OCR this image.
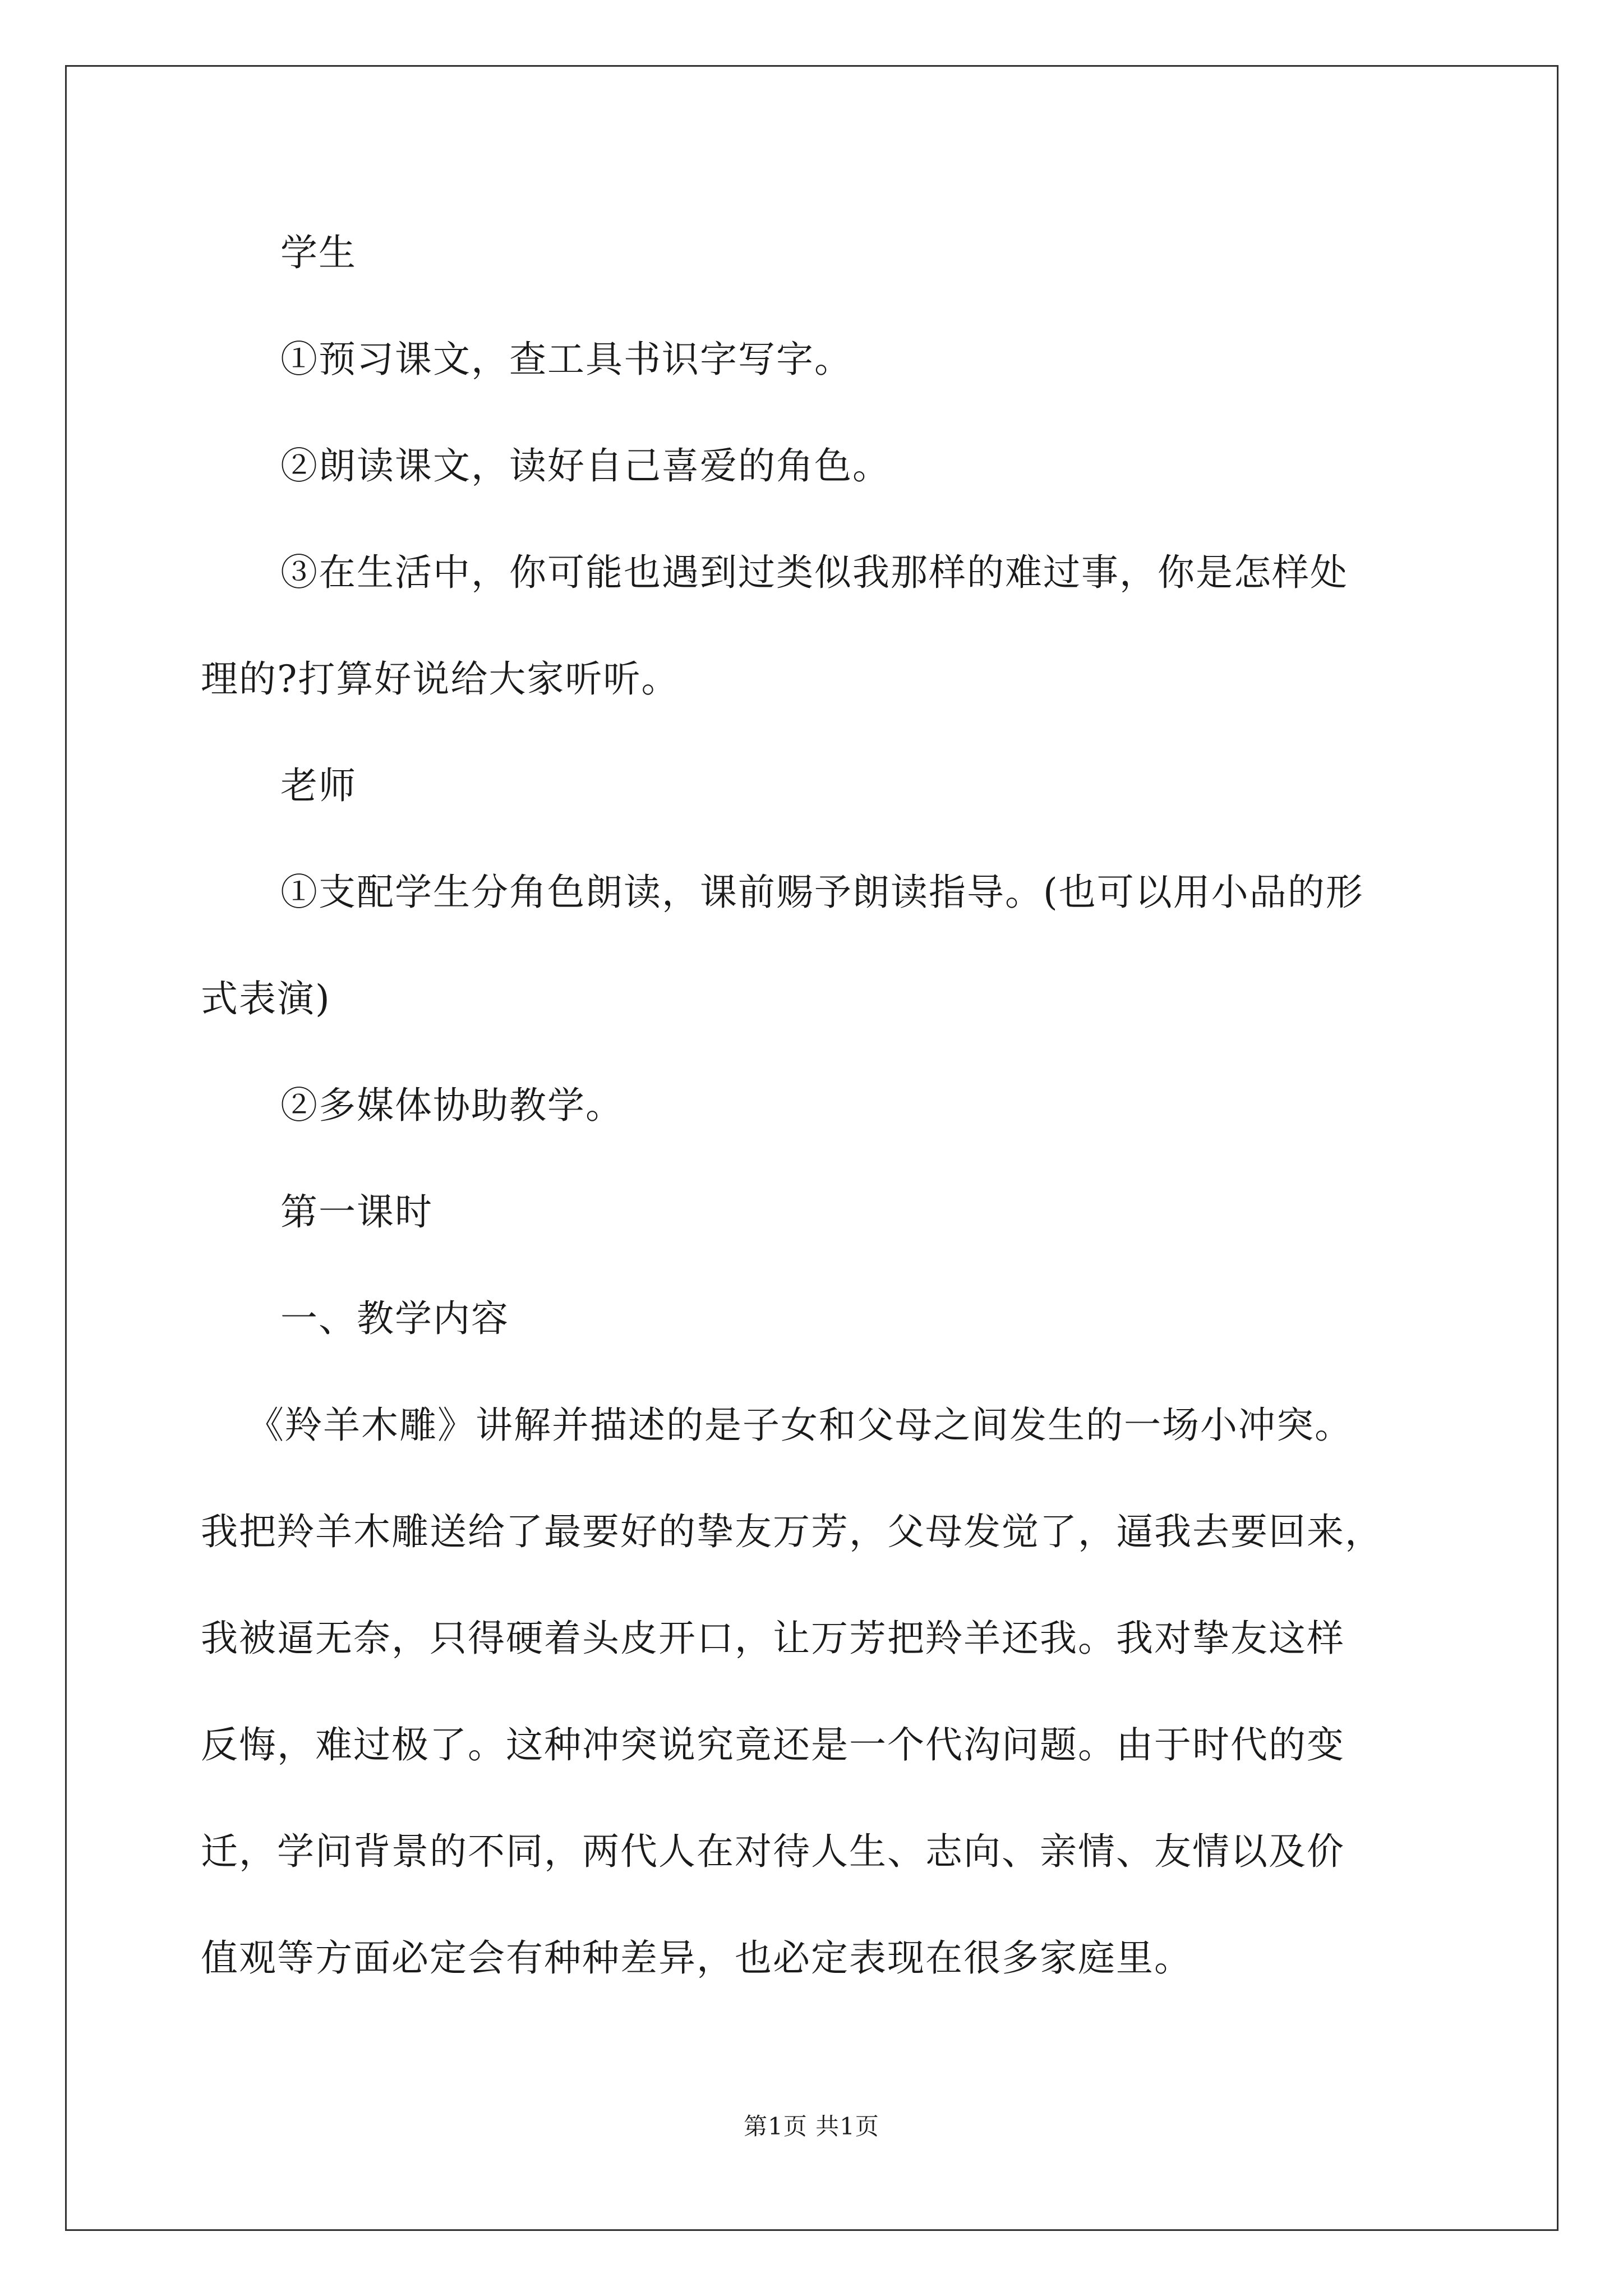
学生
①预习课文，查工具书识字写字。
②朗读课文，读好自己喜爱的角色。
③在生活中，你可能也遇到过类似我那样的难过事，你是怎样处
理的?打算好说给大家听听。
老师
①支配学生分角色朗读，课前赐予朗读指导。(也可以用小品的形
式表演)
②多媒体协助教学。
第一课时
一、教学内容
《羚羊木雕》讲解并描述的是子女和父母之间发生的一场小冲突。
我把羚羊木雕送给了最要好的挚友万芳，父母发觉了，逼我去要回来，
我被逼无奈，只得硬着头皮开口，让万芳把羚羊还我。我对挚友这样
反悔，难过极了。这种冲突说究竟还是一个代沟问题。由于时代的变
迁，学问背景的不同，两代人在对待人生、志向、亲情、友情以及价
值观等方面必定会有种种差异，也必定表现在很多家庭里。
第1页 共1页
